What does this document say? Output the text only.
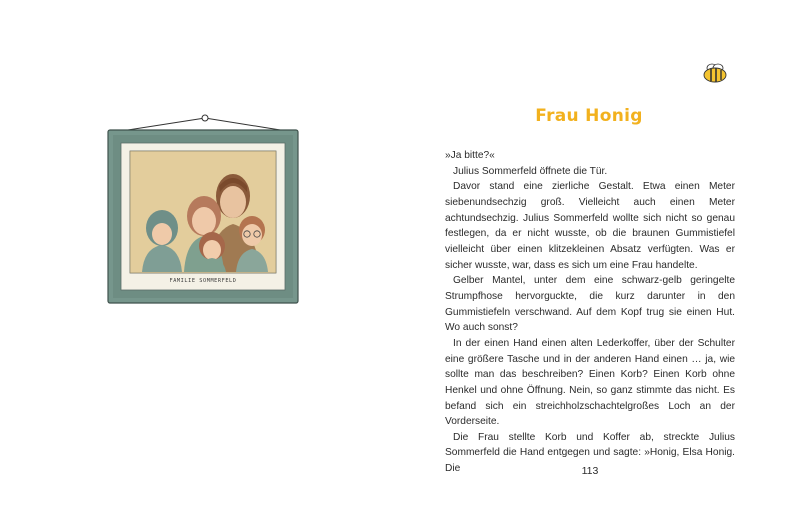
FAMILIE SOMMERFELD
Frau Honig

»Ja bitte?«

Julius Sommerfeld öffnete die Tür.

Davor stand eine zierliche Gestalt. Etwa einen Meter siebenundsechzig groß. Vielleicht auch einen Meter achtundsechzig. Julius Sommerfeld wollte sich nicht so genau festlegen, da er nicht wusste, ob die braunen Gummistiefel vielleicht über einen klitzekleinen Absatz verfügten. Was er sicher wusste, war, dass es sich um eine Frau handelte.

Gelber Mantel, unter dem eine schwarz-gelb geringelte Strumpfhose hervorguckte, die kurz darunter in den Gummistiefeln verschwand. Auf dem Kopf trug sie einen Hut. Wo auch sonst?

In der einen Hand einen alten Lederkoffer, über der Schulter eine größere Tasche und in der anderen Hand einen … ja, wie sollte man das beschreiben? Einen Korb? Einen Korb ohne Henkel und ohne Öffnung. Nein, so ganz stimmte das nicht. Es befand sich ein streichholzschachtelgroßes Loch an der Vorderseite.

Die Frau stellte Korb und Koffer ab, streckte Julius Sommerfeld die Hand entgegen und sagte: »Honig, Elsa Honig. Die	113
